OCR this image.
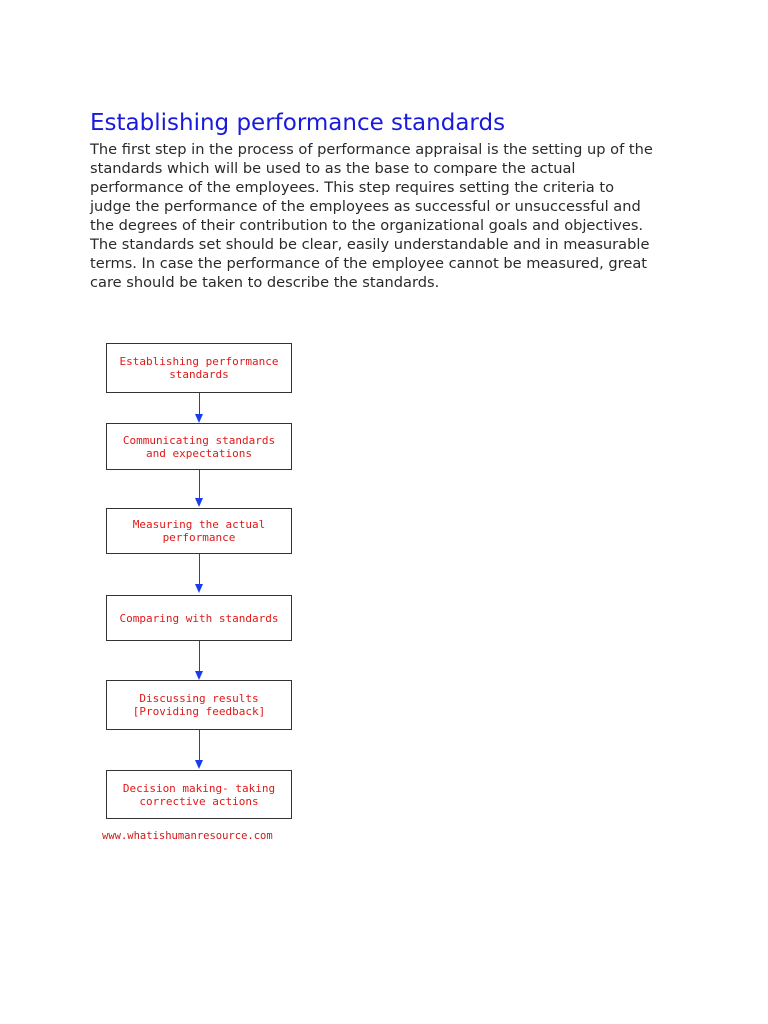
Establishing performance standards
The first step in the process of performance appraisal is the setting up of the
standards which will be used to as the base to compare the actual
performance of the employees. This step requires setting the criteria to
judge the performance of the employees as successful or unsuccessful and
the degrees of their contribution to the organizational goals and objectives.
The standards set should be clear, easily understandable and in measurable
terms. In case the performance of the employee cannot be measured, great
care should be taken to describe the standards.
Establishing performance
standards
Communicating standards
and expectations
Measuring the actual
performance
Comparing with standards
Discussing results
[Providing feedback]
Decision making- taking
corrective actions

www.whatishumanresource.com
